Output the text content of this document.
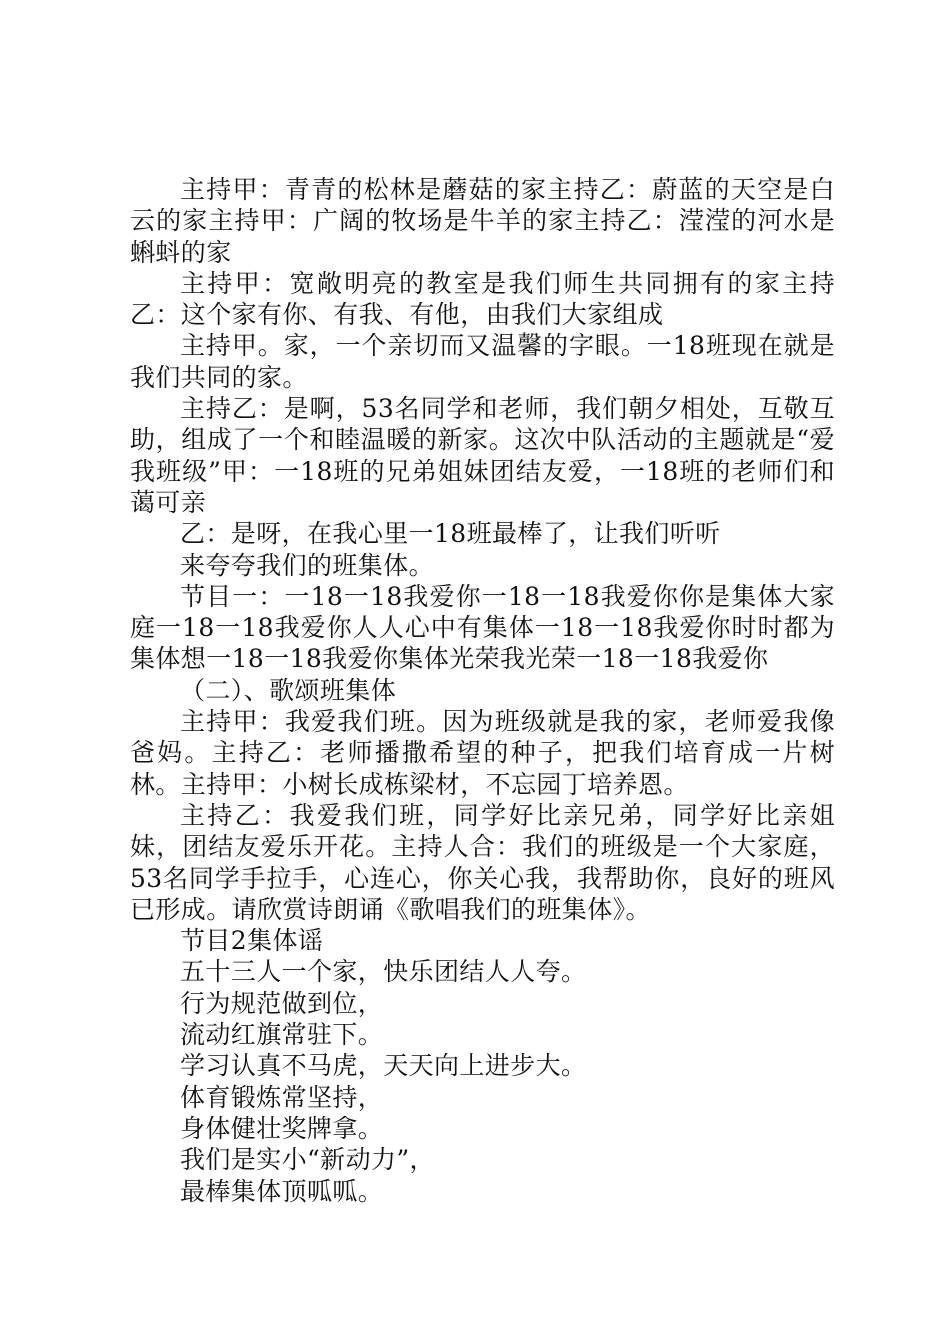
主持甲：青青的松林是蘑菇的家主持乙：蔚蓝的天空是白云的家主持甲：广阔的牧场是牛羊的家主持乙：滢滢的河水是蝌蚪的家

主持甲：宽敞明亮的教室是我们师生共同拥有的家主持乙：这个家有你、有我、有他，由我们大家组成

主持甲。家，一个亲切而又温馨的字眼。一18班现在就是我们共同的家。

主持乙：是啊，53名同学和老师，我们朝夕相处，互敬互助，组成了一个和睦温暖的新家。这次中队活动的主题就是“爱我班级”甲：一18班的兄弟姐妹团结友爱，一18班的老师们和蔼可亲

乙：是呀，在我心里一18班最棒了，让我们听听

来夸夸我们的班集体。

节目一：一18一18我爱你一18一18我爱你你是集体大家庭一18一18我爱你人人心中有集体一18一18我爱你时时都为集体想一18一18我爱你集体光荣我光荣一18一18我爱你

（二）、歌颂班集体

主持甲：我爱我们班。因为班级就是我的家，老师爱我像爸妈。主持乙：老师播撒希望的种子，把我们培育成一片树林。主持甲：小树长成栋梁材，不忘园丁培养恩。

主持乙：我爱我们班，同学好比亲兄弟，同学好比亲姐妹，团结友爱乐开花。主持人合：我们的班级是一个大家庭，53名同学手拉手，心连心，你关心我，我帮助你，良好的班风已形成。请欣赏诗朗诵《歌唱我们的班集体》。

节目2集体谣

五十三人一个家，快乐团结人人夸。

行为规范做到位，

流动红旗常驻下。

学习认真不马虎，天天向上进步大。

体育锻炼常坚持，

身体健壮奖牌拿。

我们是实小“新动力”，

最棒集体顶呱呱。
